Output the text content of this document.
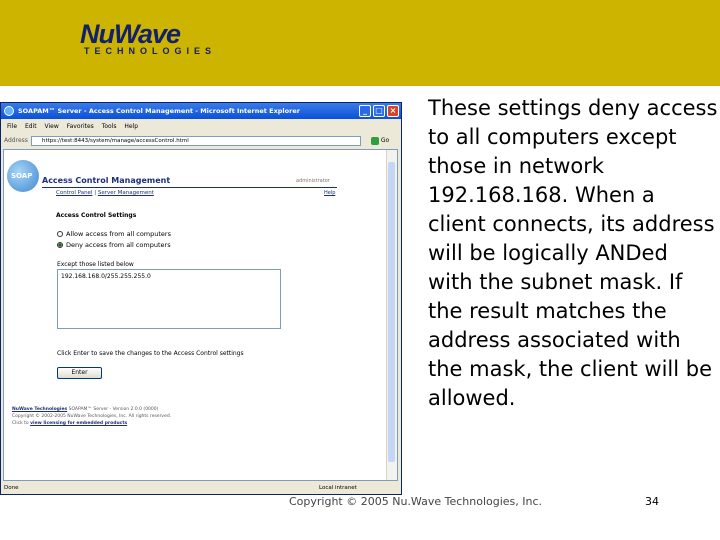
NuWave
TECHNOLOGIES
SOAPAM™ Server - Access Control Management - Microsoft Internet Explorer	_	□ ×
File Edit View Favorites Tools Help
Address	https://test:8443/system/manage/accessControl.html	Go
SOAP Access Control Management	administrator
Help
Control Panel | Server Management
Access Control Settings
Allow access from all computers
Deny access from all computers
Except those listed below
192.168.168.0/255.255.255.0
Click Enter to save the changes to the Access Control settings
Enter
NuWave Technologies SOAPAM™ Server - Version 2.0.0 (0000)
Copyright © 2002-2005 NuWave Technologies, Inc. All rights reserved.
Click to view licensing for embedded products
Done	Local intranet
These settings deny access to all computers except those in network 192.168.168. When a client connects, its address will be logically ANDed with the subnet mask. If the result matches the address associated with the mask, the client will be allowed.
Copyright © 2005 Nu.Wave Technologies, Inc.	34
